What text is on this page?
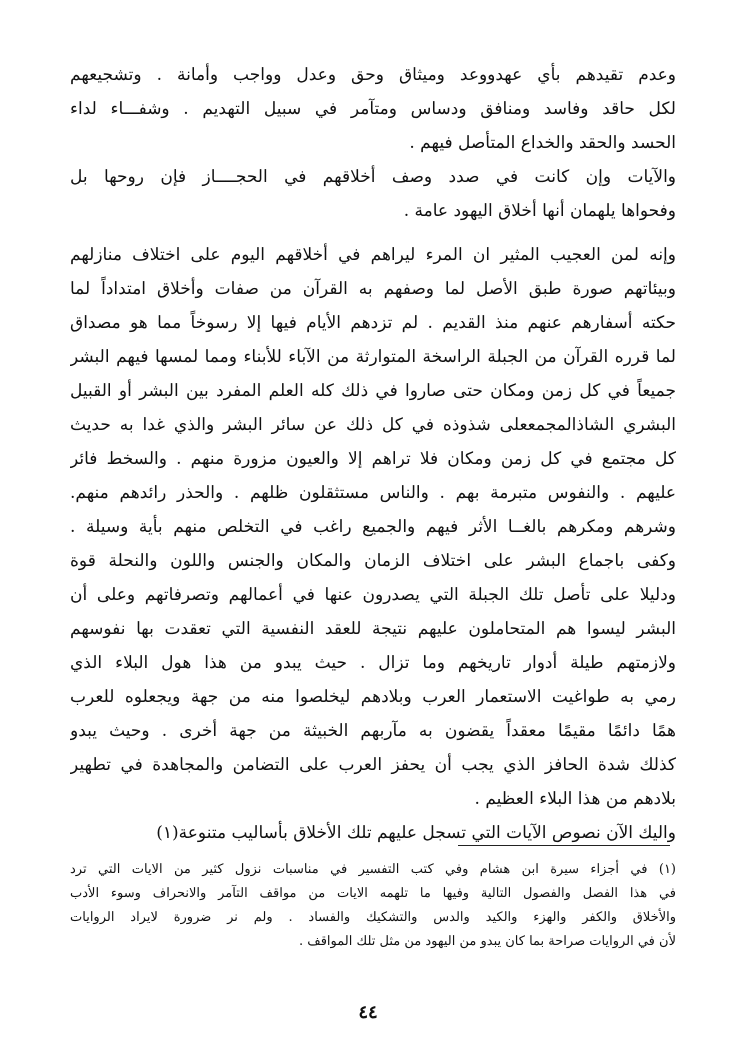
وعدم تقيدهم بأي عهدووعد وميثاق وحق وعدل وواجب وأمانة . وتشجيعهم
لكل حاقد وفاسد ومنافق ودساس ومتآمر في سبيل التهديم . وشفـــاء لداء
الحسد والحقد والخداع المتأصل فيهم .
والآيات وإن كانت في صدد وصف أخلاقهم في الحجــــاز فإن روحها بل
وفحواها يلهمان أنها أخلاق اليهود عامة .
وإنه لمن العجيب المثير ان المرء ليراهم في أخلاقهم اليوم على اختلاف منازلهم
وبيئاتهم صورة طبق الأصل لما وصفهم به القرآن من صفات وأخلاق امتداداً لما
حكته أسفارهم عنهم منذ القديم . لم تزدهم الأيام فيها إلا رسوخاً مما هو مصداق
لما قرره القرآن من الجبلة الراسخة المتوارثة من الآباء للأبناء ومما لمسها فيهم البشر
جميعاً في كل زمن ومكان حتى صاروا في ذلك كله العلم المفرد بين البشر أو القبيل
البشري الشاذالمجمععلى شذوذه في كل ذلك عن سائر البشر والذي غدا به حديث
كل مجتمع في كل زمن ومكان فلا تراهم إلا والعيون مزورة منهم . والسخط فائر
عليهم . والنفوس متبرمة بهم . والناس مستثقلون ظلهم . والحذر رائدهم منهم.
وشرهم ومكرهم بالغــا الأثر فيهم والجميع راغب في التخلص منهم بأية وسيلة .
وكفى باجماع البشر على اختلاف الزمان والمكان والجنس واللون والنحلة قوة
ودليلا على تأصل تلك الجبلة التي يصدرون عنها في أعمالهم وتصرفاتهم وعلى أن
البشر ليسوا هم المتحاملون عليهم نتيجة للعقد النفسية التي تعقدت بها نفوسهم
ولازمتهم طيلة أدوار تاريخهم وما تزال . حيث يبدو من هذا هول البلاء الذي
رمي به طواغيت الاستعمار العرب وبلادهم ليخلصوا منه من جهة ويجعلوه للعرب
همًا دائمًا مقيمًا معقداً يقضون به مآربهم الخبيثة من جهة أخرى . وحيث يبدو
كذلك شدة الحافز الذي يجب أن يحفز العرب على التضامن والمجاهدة في تطهير
بلادهم من هذا البلاء العظيم .
واليك الآن نصوص الآيات التي تسجل عليهم تلك الأخلاق بأساليب متنوعة(١)
(١) في أجزاء سيرة ابن هشام وفي كتب التفسير في مناسبات نزول كثير من الايات التي ترد
في هذا الفصل والفصول التالية وفيها ما تلهمه الايات من مواقف التآمر والانحراف وسوء الأدب
والأخلاق والكفر والهزء والكيد والدس والتشكيك والفساد . ولم نر ضرورة لايراد الروايات
لأن في الروايات صراحة بما كان يبدو من اليهود من مثل تلك المواقف .
٤٤
